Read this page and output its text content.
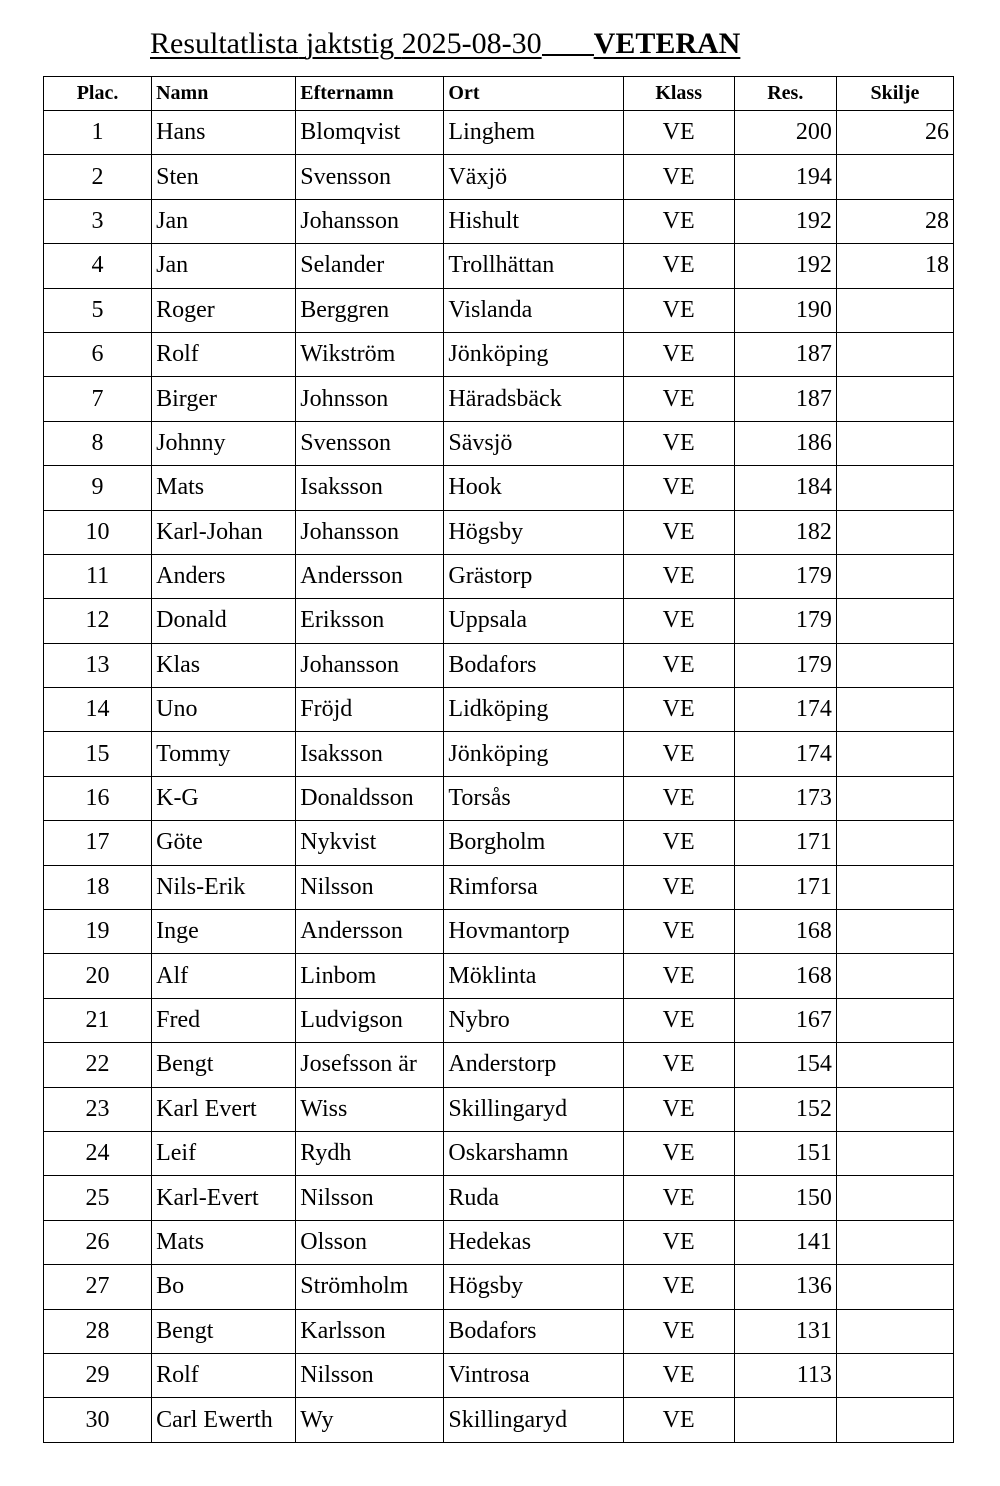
Resultatlista jaktstig 2025-08-30 VETERAN
Plac.	Namn	Efternamn	Ort	Klass	Res.	Skilje
1	Hans	Blomqvist	Linghem	VE	200	26
2	Sten	Svensson	Växjö	VE	194	
3	Jan	Johansson	Hishult	VE	192	28
4	Jan	Selander	Trollhättan	VE	192	18
5	Roger	Berggren	Vislanda	VE	190	
6	Rolf	Wikström	Jönköping	VE	187	
7	Birger	Johnsson	Häradsbäck	VE	187	
8	Johnny	Svensson	Sävsjö	VE	186	
9	Mats	Isaksson	Hook	VE	184	
10	Karl-Johan	Johansson	Högsby	VE	182	
11	Anders	Andersson	Grästorp	VE	179	
12	Donald	Eriksson	Uppsala	VE	179	
13	Klas	Johansson	Bodafors	VE	179	
14	Uno	Fröjd	Lidköping	VE	174	
15	Tommy	Isaksson	Jönköping	VE	174	
16	K-G	Donaldsson	Torsås	VE	173	
17	Göte	Nykvist	Borgholm	VE	171	
18	Nils-Erik	Nilsson	Rimforsa	VE	171	
19	Inge	Andersson	Hovmantorp	VE	168	
20	Alf	Linbom	Möklinta	VE	168	
21	Fred	Ludvigson	Nybro	VE	167	
22	Bengt	Josefsson är	Anderstorp	VE	154	
23	Karl Evert	Wiss	Skillingaryd	VE	152	
24	Leif	Rydh	Oskarshamn	VE	151	
25	Karl-Evert	Nilsson	Ruda	VE	150	
26	Mats	Olsson	Hedekas	VE	141	
27	Bo	Strömholm	Högsby	VE	136	
28	Bengt	Karlsson	Bodafors	VE	131	
29	Rolf	Nilsson	Vintrosa	VE	113	
30	Carl Ewerth	Wy	Skillingaryd	VE		
